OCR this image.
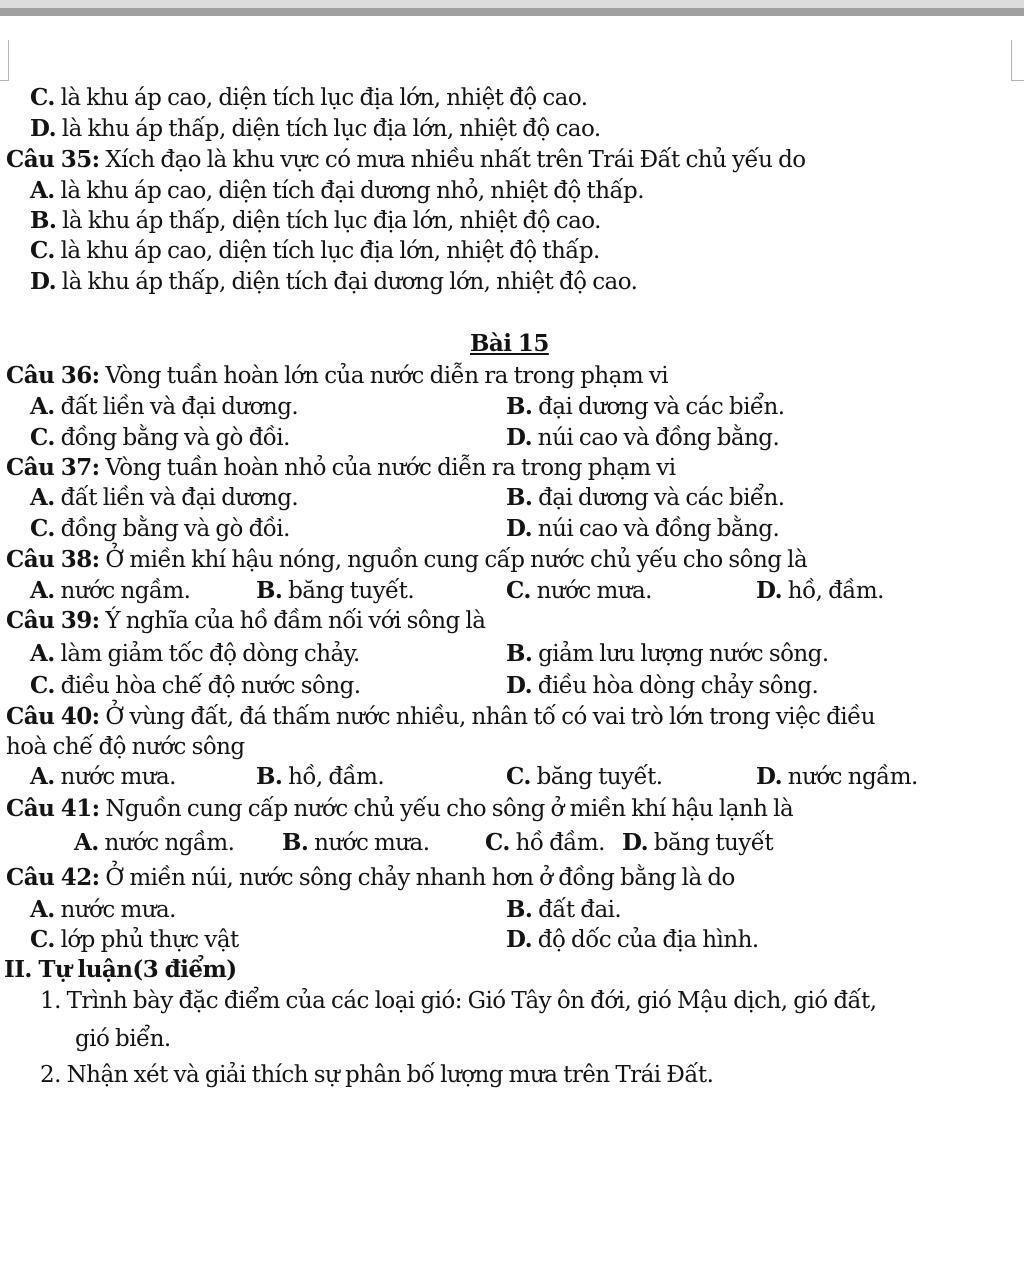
C. là khu áp cao, diện tích lục địa lớn, nhiệt độ cao.
D. là khu áp thấp, diện tích lục địa lớn, nhiệt độ cao.
Câu 35: Xích đạo là khu vực có mưa nhiều nhất trên Trái Đất chủ yếu do
A. là khu áp cao, diện tích đại dương nhỏ, nhiệt độ thấp.
B. là khu áp thấp, diện tích lục địa lớn, nhiệt độ cao.
C. là khu áp cao, diện tích lục địa lớn, nhiệt độ thấp.
D. là khu áp thấp, diện tích đại dương lớn, nhiệt độ cao.
Bài 15
Câu 36: Vòng tuần hoàn lớn của nước diễn ra trong phạm vi
A. đất liền và đại dương.	B. đại dương và các biển.
C. đồng bằng và gò đồi.	D. núi cao và đồng bằng.
Câu 37: Vòng tuần hoàn nhỏ của nước diễn ra trong phạm vi
A. đất liền và đại dương.	B. đại dương và các biển.
C. đồng bằng và gò đồi.	D. núi cao và đồng bằng.
Câu 38: Ở miền khí hậu nóng, nguồn cung cấp nước chủ yếu cho sông là
A. nước ngầm.	B. băng tuyết.	C. nước mưa.	D. hồ, đầm.
Câu 39: Ý nghĩa của hồ đầm nối với sông là
A. làm giảm tốc độ dòng chảy.	B. giảm lưu lượng nước sông.
C. điều hòa chế độ nước sông.	D. điều hòa dòng chảy sông.
Câu 40: Ở vùng đất, đá thấm nước nhiều, nhân tố có vai trò lớn trong việc điều
hoà chế độ nước sông
A. nước mưa.	B. hồ, đầm.	C. băng tuyết.	D. nước ngầm.
Câu 41: Nguồn cung cấp nước chủ yếu cho sông ở miền khí hậu lạnh là
A. nước ngầm. B. nước mưa. C. hồ đầm. D. băng tuyết
Câu 42: Ở miền núi, nước sông chảy nhanh hơn ở đồng bằng là do
A. nước mưa.	B. đất đai.
C. lớp phủ thực vật	D. độ dốc của địa hình.
II. Tự luận(3 điểm)
1. Trình bày đặc điểm của các loại gió: Gió Tây ôn đới, gió Mậu dịch, gió đất,
gió biển.
2. Nhận xét và giải thích sự phân bố lượng mưa trên Trái Đất.
